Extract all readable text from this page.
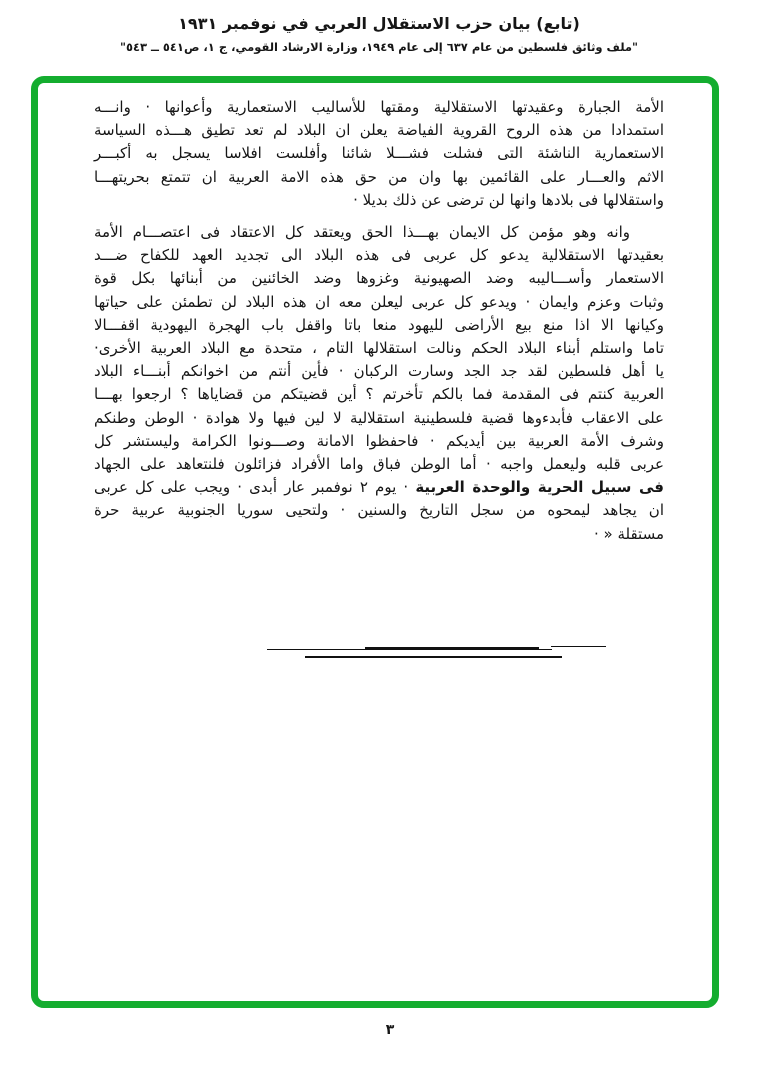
(تابع) بيان حزب الاستقلال العربي في نوفمبر ١٩٣١
"ملف وثائق فلسطين من عام ٦٣٧ إلى عام ١٩٤٩، وزارة الارشاد القومي، ج ١، ص٥٤١ ــ ٥٤٣"
الأمة الجبارة وعقيدتها الاستقلالية ومقتها للأساليب الاستعمارية وأعوانها · وانـــه
استمدادا من هذه الروح القروية الفياضة يعلن ان البلاد لم تعد تطيق هـــذه السياسة
الاستعمارية الناشئة التى فشلت فشـــلا شائنا وأفلست افلاسا يسجل به أكبـــر
الاثم والعـــار على القائمين بها وان من حق هذه الامة العربية ان تتمتع بحريتهـــا
واستقلالها فى بلادها وانها لن ترضى عن ذلك بديلا ·
وانه وهو مؤمن كل الايمان بهـــذا الحق ويعتقد كل الاعتقاد فى اعتصـــام الأمة
بعقيدتها الاستقلالية يدعو كل عربى فى هذه البلاد الى تجديد العهد للكفاح ضـــد
الاستعمار وأســـاليبه وضد الصهيونية وغزوها وضد الخائنين من أبنائها بكل قوة
وثبات وعزم وايمان · ويدعو كل عربى ليعلن معه ان هذه البلاد لن تطمئن على حياتها
وكيانها الا اذا منع بيع الأراضى لليهود منعا باتا واقفل باب الهجرة اليهودية اقفـــالا
تاما واستلم أبناء البلاد الحكم ونالت استقلالها التام ، متحدة مع البلاد العربية الأخرى·
يا أهل فلسطين لقد جد الجد وسارت الركبان · فأين أنتم من اخوانكم أبنـــاء البلاد
العربية كنتم فى المقدمة فما بالكم تأخرتم ؟ أين قضيتكم من قضاياها ؟ ارجعوا بهـــا
على الاعقاب فأبدءوها قضية فلسطينية استقلالية لا لين فيها ولا هوادة · الوطن وطنكم
وشرف الأمة العربية بين أيديكم · فاحفظوا الامانة وصـــونوا الكرامة وليستشر كل
عربى قلبه وليعمل واجبه · أما الوطن فباق واما الأفراد فزائلون فلنتعاهد على الجهاد
فى سبيل الحرية والوحدة العربية · يوم ٢ نوفمبر عار أبدى · ويجب على كل عربى
ان يجاهد ليمحوه من سجل التاريخ والسنين · ولتحيى سوريا الجنوبية عربية حرة
مستقلة « ·
٣
